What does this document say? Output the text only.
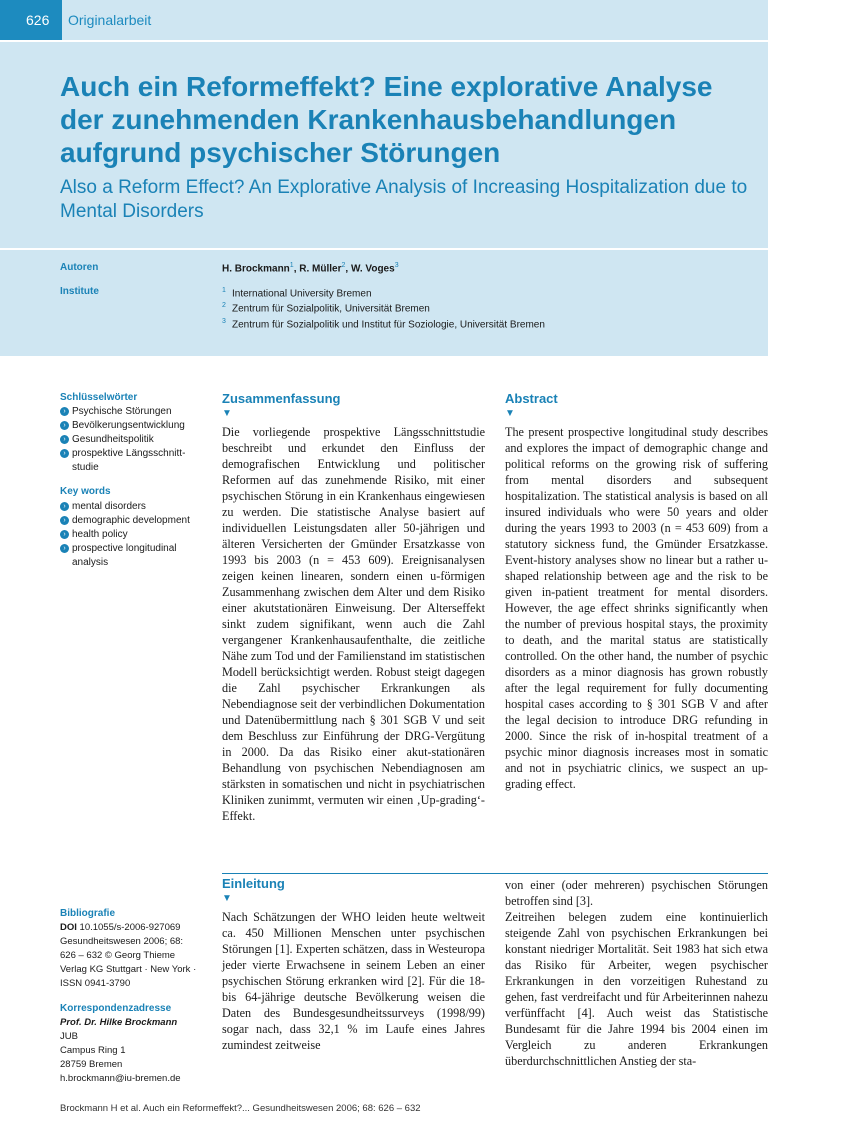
626	Originalarbeit
Auch ein Reformeffekt? Eine explorative Analyse der zunehmenden Krankenhausbehandlungen aufgrund psychischer Störungen
Also a Reform Effect? An Explorative Analysis of Increasing Hospitalization due to Mental Disorders
Autoren	H. Brockmann$^1$, R. Müller$^2$, W. Voges$^3$
Institute	$^1$ International University Bremen
$^2$ Zentrum für Sozialpolitik, Universität Bremen
$^3$ Zentrum für Sozialpolitik und Institut für Soziologie, Universität Bremen
Schlüsselwörter
› Psychische Störungen
› Bevölkerungsentwicklung
› Gesundheitspolitik
› prospektive Längsschnitt-
studie
Key words
› mental disorders
› demographic development
› health policy
› prospective longitudinal
analysis
Zusammenfassung
▼

Die vorliegende prospektive Längsschnittstudie beschreibt und erkundet den Einfluss der demografischen Entwicklung und politischer Reformen auf das zunehmende Risiko, mit einer psychischen Störung in ein Krankenhaus eingewiesen zu werden. Die statistische Analyse basiert auf individuellen Leistungsdaten aller 50-jährigen und älteren Versicherten der Gmünder Ersatzkasse von 1993 bis 2003 (n = 453 609). Ereignisanalysen zeigen keinen linearen, sondern einen u-förmigen Zusammenhang zwischen dem Alter und dem Risiko einer akutstationären Einweisung. Der Alterseffekt sinkt zudem signifikant, wenn auch die Zahl vergangener Krankenhausaufenthalte, die zeitliche Nähe zum Tod und der Familienstand im statistischen Modell berücksichtigt werden. Robust steigt dagegen die Zahl psychischer Erkrankungen als Nebendiagnose seit der verbindlichen Dokumentation und Datenübermittlung nach § 301 SGB V und seit dem Beschluss zur Einführung der DRG-Vergütung in 2000. Da das Risiko einer akut-stationären Behandlung von psychischen Nebendiagnosen am stärksten in somatischen und nicht in psychiatrischen Kliniken zunimmt, vermuten wir einen ‚Up-grading‘-Effekt.

Abstract
▼

The present prospective longitudinal study describes and explores the impact of demographic change and political reforms on the growing risk of suffering from mental disorders and subsequent hospitalization. The statistical analysis is based on all insured individuals who were 50 years and older during the years 1993 to 2003 (n = 453 609) from a statutory sickness fund, the Gmünder Ersatzkasse. Event-history analyses show no linear but a rather u-shaped relationship between age and the risk to be given in-patient treatment for mental disorders. However, the age effect shrinks significantly when the number of previous hospital stays, the proximity to death, and the marital status are statistically controlled. On the other hand, the number of psychic disorders as a minor diagnosis has grown robustly after the legal requirement for fully documenting hospital cases according to § 301 SGB V and after the legal decision to introduce DRG refunding in 2000. Since the risk of in-hospital treatment of a psychic minor diagnosis increases most in somatic and not in psychiatric clinics, we suspect an up-grading effect.

Einleitung
▼

Nach Schätzungen der WHO leiden heute weltweit ca. 450 Millionen Menschen unter psychischen Störungen [1]. Experten schätzen, dass in Westeuropa jeder vierte Erwachsene in seinem Leben an einer psychischen Störung erkranken wird [2]. Für die 18- bis 64-jährige deutsche Bevölkerung weisen die Daten des Bundesgesundheitssurveys (1998/99) sogar nach, dass 32,1 % im Laufe eines Jahres zumindest zeitweise

von einer (oder mehreren) psychischen Störungen betroffen sind [3].

Zeitreihen belegen zudem eine kontinuierlich steigende Zahl von psychischen Erkrankungen bei konstant niedriger Mortalität. Seit 1983 hat sich etwa das Risiko für Arbeiter, wegen psychischer Erkrankungen in den vorzeitigen Ruhestand zu gehen, fast verdreifacht und für Arbeiterinnen nahezu verfünffacht [4]. Auch weist das Statistische Bundesamt für die Jahre 1994 bis 2004 einen im Vergleich zu anderen Erkrankungen überdurchschnittlichen Anstieg der sta-

Bibliografie
DOI 10.1055/s-2006-927069
Gesundheitswesen 2006; 68:
626 – 632 © Georg Thieme
Verlag KG Stuttgart · New York ·
ISSN 0941-3790
Korrespondenzadresse
Prof. Dr. Hilke Brockmann
JUB
Campus Ring 1
28759 Bremen
h.brockmann@iu-bremen.de
Brockmann H et al. Auch ein Reformeffekt?... Gesundheitswesen 2006; 68: 626 – 632
